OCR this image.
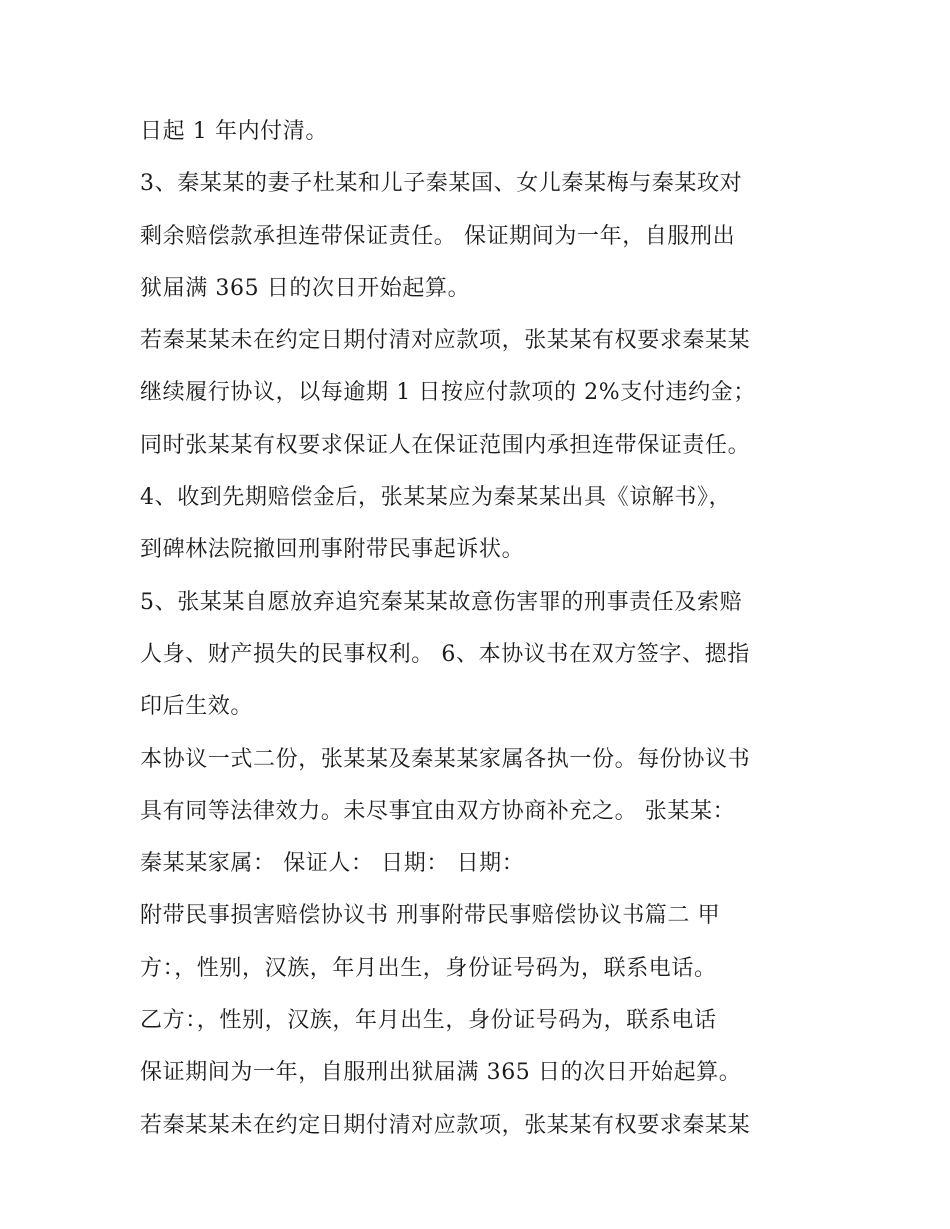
日起 1 年内付清。
3、秦某某的妻子杜某和儿子秦某国、女儿秦某梅与秦某玫对
剩余赔偿款承担连带保证责任。 保证期间为一年，自服刑出
狱届满 365 日的次日开始起算。
若秦某某未在约定日期付清对应款项，张某某有权要求秦某某
继续履行协议，以每逾期 1 日按应付款项的 2%支付违约金；
同时张某某有权要求保证人在保证范围内承担连带保证责任。
4、收到先期赔偿金后，张某某应为秦某某出具《谅解书》，
到碑林法院撤回刑事附带民事起诉状。
5、张某某自愿放弃追究秦某某故意伤害罪的刑事责任及索赔
人身、财产损失的民事权利。 6、本协议书在双方签字、摁指
印后生效。
本协议一式二份，张某某及秦某某家属各执一份。每份协议书
具有同等法律效力。未尽事宜由双方协商补充之。 张某某：
秦某某家属： 保证人： 日期： 日期：
附带民事损害赔偿协议书 刑事附带民事赔偿协议书篇二 甲
方：，性别，汉族，年月出生，身份证号码为，联系电话。
乙方：，性别，汉族，年月出生，身份证号码为，联系电话
保证期间为一年，自服刑出狱届满 365 日的次日开始起算。
若秦某某未在约定日期付清对应款项，张某某有权要求秦某某
